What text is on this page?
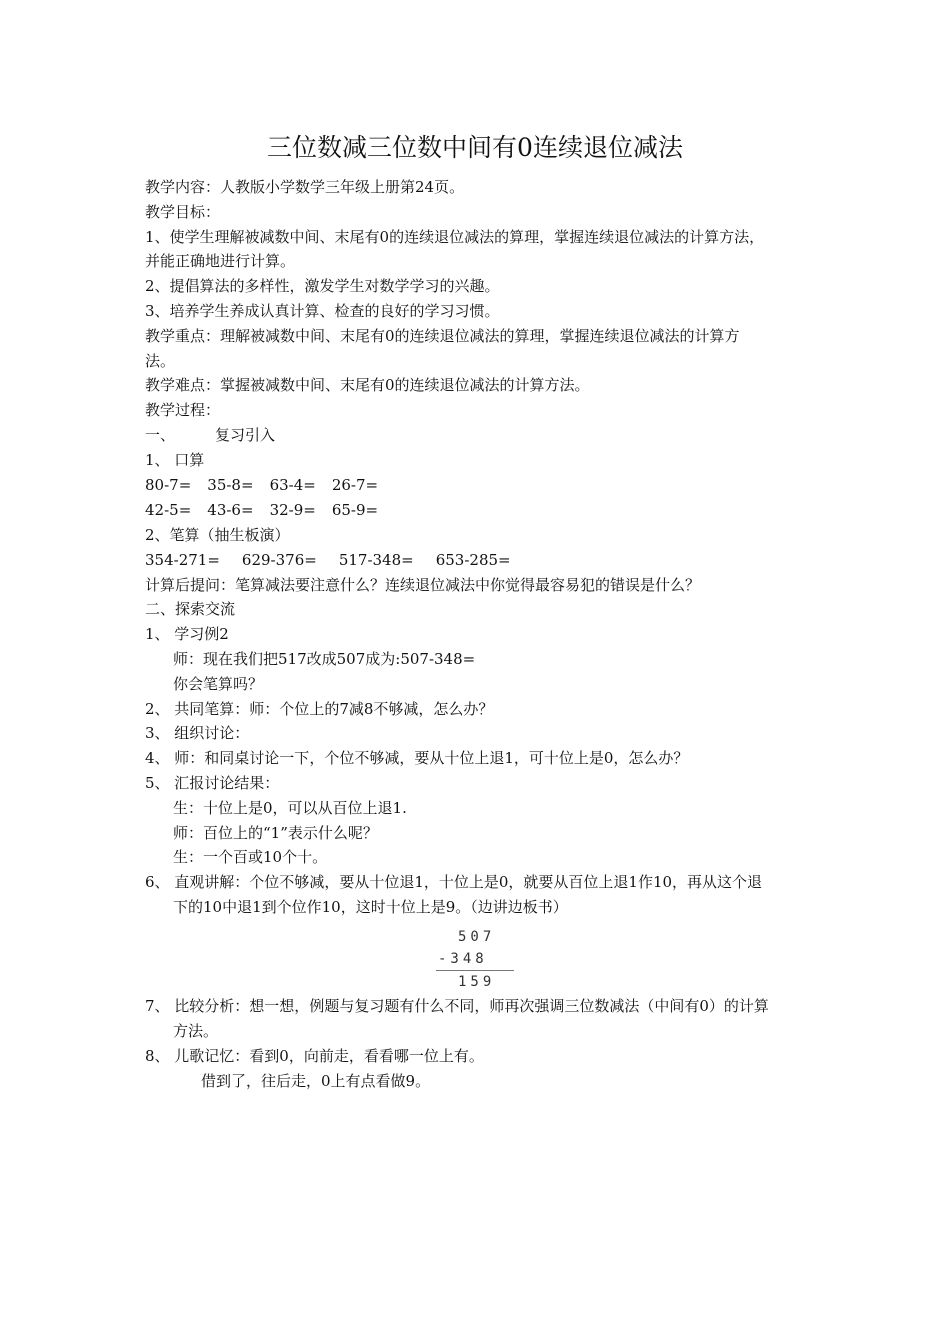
三位数减三位数中间有0连续退位减法
教学内容：人教版小学数学三年级上册第24页。
教学目标：
1、使学生理解被减数中间、末尾有0的连续退位减法的算理，掌握连续退位减法的计算方法，
并能正确地进行计算。
2、提倡算法的多样性，激发学生对数学学习的兴趣。
3、培养学生养成认真计算、检查的良好的学习习惯。
教学重点：理解被减数中间、末尾有0的连续退位减法的算理，掌握连续退位减法的计算方
法。
教学难点：掌握被减数中间、末尾有0的连续退位减法的计算方法。
教学过程：
一、	复习引入
1、 口算
80-7= 35-8= 63-4= 26-7=
42-5= 43-6= 32-9= 65-9=
2、笔算（抽生板演）
354-271= 629-376= 517-348= 653-285=
计算后提问：笔算减法要注意什么？连续退位减法中你觉得最容易犯的错误是什么？
二、探索交流
1、 学习例2
师：现在我们把517改成507成为:507-348=
你会笔算吗？
2、 共同笔算：师：个位上的7减8不够减，怎么办？
3、 组织讨论：
4、 师：和同桌讨论一下，个位不够减，要从十位上退1，可十位上是0，怎么办？
5、 汇报讨论结果：
生：十位上是0，可以从百位上退1.
师：百位上的“1”表示什么呢？
生：一个百或10个十。
6、 直观讲解：个位不够减，要从十位退1，十位上是0，就要从百位上退1作10，再从这个退
下的10中退1到个位作10，这时十位上是9。（边讲边板书）
507
-348
159
7、 比较分析：想一想，例题与复习题有什么不同，师再次强调三位数减法（中间有0）的计算
方法。
8、 儿歌记忆：看到0，向前走，看看哪一位上有。
借到了，往后走，0上有点看做9。
